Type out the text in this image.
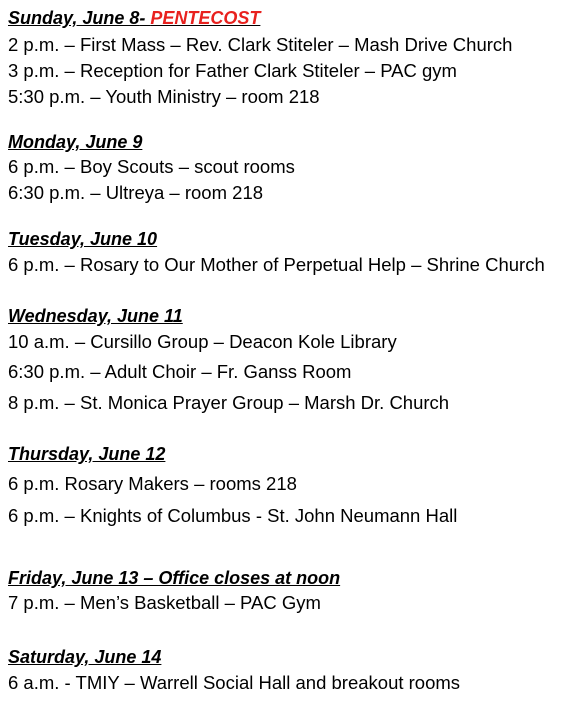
Sunday, June 8- PENTECOST
2 p.m. – First Mass – Rev. Clark Stiteler – Mash Drive Church
3 p.m. – Reception for Father Clark Stiteler – PAC gym
5:30 p.m. – Youth Ministry – room 218
Monday, June 9
6 p.m. – Boy Scouts – scout rooms
6:30 p.m. – Ultreya – room 218
Tuesday, June 10
6 p.m. – Rosary to Our Mother of Perpetual Help – Shrine Church
Wednesday, June 11
10 a.m. – Cursillo Group – Deacon Kole Library
6:30 p.m. – Adult Choir – Fr. Ganss Room
8 p.m. – St. Monica Prayer Group – Marsh Dr. Church
Thursday, June 12
6 p.m. Rosary Makers – rooms 218
6 p.m. – Knights of Columbus - St. John Neumann Hall
Friday, June 13 – Office closes at noon
7 p.m. – Men’s Basketball – PAC Gym
Saturday, June 14
6 a.m. - TMIY – Warrell Social Hall and breakout rooms
